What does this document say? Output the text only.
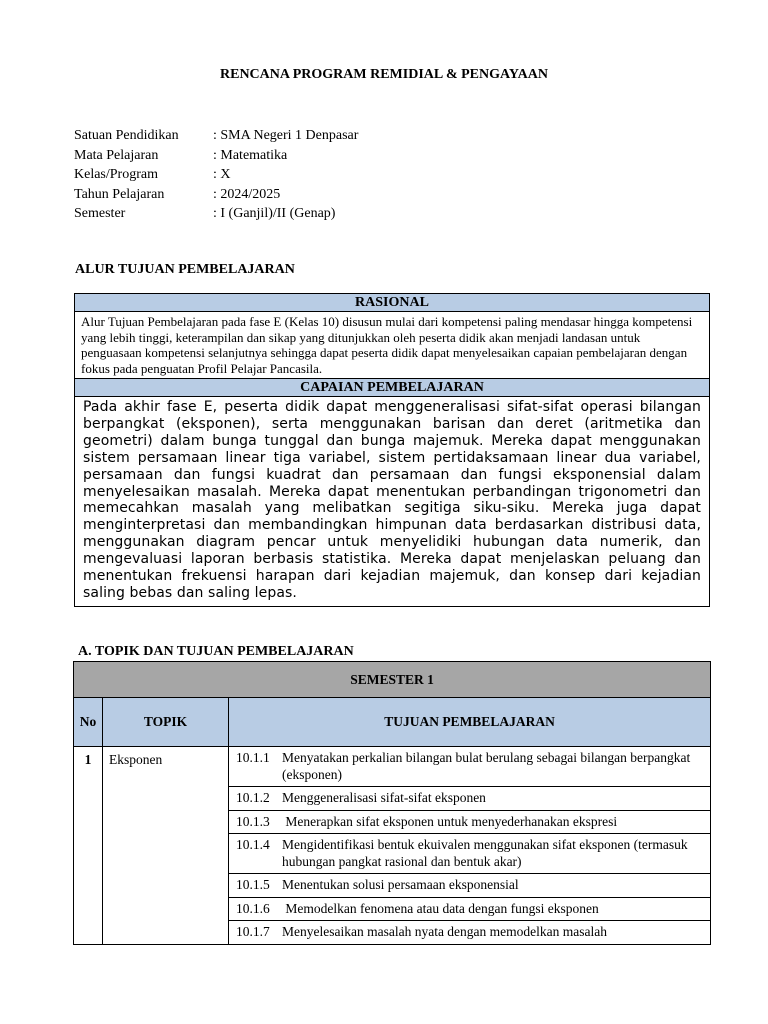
RENCANA PROGRAM REMIDIAL & PENGAYAAN
Satuan Pendidikan	: SMA Negeri 1 Denpasar
Mata Pelajaran	: Matematika
Kelas/Program	: X
Tahun Pelajaran	: 2024/2025
Semester	: I (Ganjil)/II (Genap)
ALUR TUJUAN PEMBELAJARAN
RASIONAL
Alur Tujuan Pembelajaran pada fase E (Kelas 10) disusun mulai dari kompetensi paling mendasar hingga kompetensi yang lebih tinggi, keterampilan dan sikap yang ditunjukkan oleh peserta didik akan menjadi landasan untuk penguasaan kompetensi selanjutnya sehingga dapat peserta didik dapat menyelesaikan capaian pembelajaran dengan fokus pada penguatan Profil Pelajar Pancasila.
CAPAIAN PEMBELAJARAN
Pada akhir fase E, peserta didik dapat menggeneralisasi sifat-sifat operasi bilangan berpangkat (eksponen), serta menggunakan barisan dan deret (aritmetika dan geometri) dalam bunga tunggal dan bunga majemuk. Mereka dapat menggunakan sistem persamaan linear tiga variabel, sistem pertidaksamaan linear dua variabel, persamaan dan fungsi kuadrat dan persamaan dan fungsi eksponensial dalam menyelesaikan masalah. Mereka dapat menentukan perbandingan trigonometri dan memecahkan masalah yang melibatkan segitiga siku-siku. Mereka juga dapat menginterpretasi dan membandingkan himpunan data berdasarkan distribusi data, menggunakan diagram pencar untuk menyelidiki hubungan data numerik, dan mengevaluasi laporan berbasis statistika. Mereka dapat menjelaskan peluang dan menentukan frekuensi harapan dari kejadian majemuk, dan konsep dari kejadian saling bebas dan saling lepas.
A. TOPIK DAN TUJUAN PEMBELAJARAN
SEMESTER 1		
No	TOPIK	TUJUAN PEMBELAJARAN
1	Eksponen	10.1.1 Menyatakan perkalian bilangan bulat berulang sebagai bilangan berpangkat (eksponen)

		10.1.2 Menggeneralisasi sifat-sifat eksponen

		10.1.3 Menerapkan sifat eksponen untuk menyederhanakan ekspresi

		10.1.4 Mengidentifikasi bentuk ekuivalen menggunakan sifat eksponen (termasuk hubungan pangkat rasional dan bentuk akar)

		10.1.5 Menentukan solusi persamaan eksponensial

		10.1.6 Memodelkan fenomena atau data dengan fungsi eksponen

		10.1.7 Menyelesaikan masalah nyata dengan memodelkan masalah
